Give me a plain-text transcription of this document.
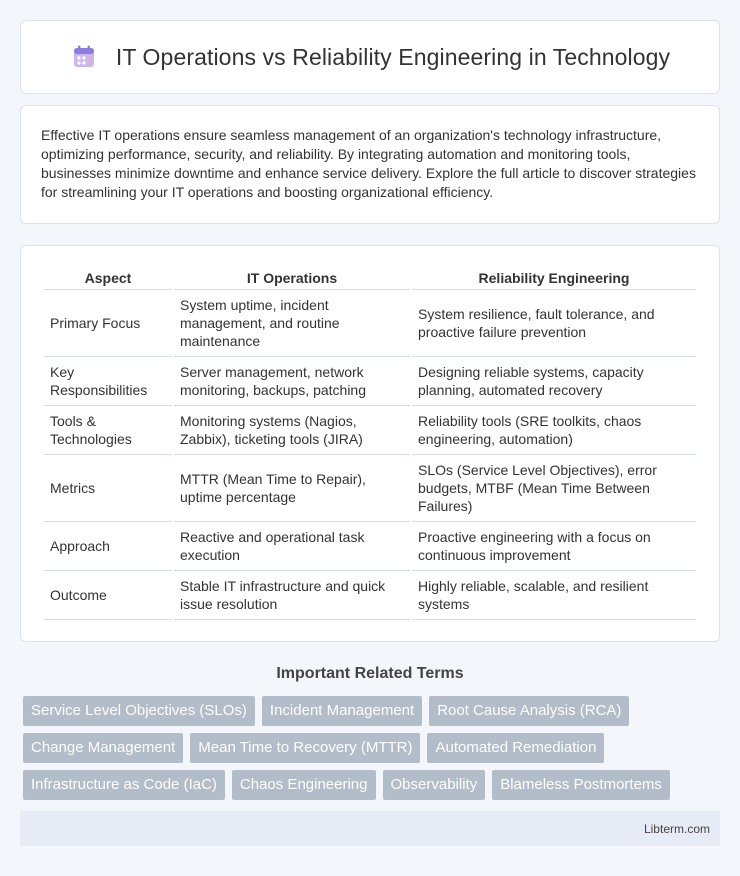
IT Operations vs Reliability Engineering in Technology

Effective IT operations ensure seamless management of an organization's technology infrastructure, optimizing performance, security, and reliability. By integrating automation and monitoring tools, businesses minimize downtime and enhance service delivery. Explore the full article to discover strategies for streamlining your IT operations and boosting organizational efficiency.

Aspect	IT Operations	Reliability Engineering
Primary Focus	System uptime, incident management, and routine maintenance	System resilience, fault tolerance, and proactive failure prevention
Key Responsibilities	Server management, network monitoring, backups, patching	Designing reliable systems, capacity planning, automated recovery
Tools & Technologies	Monitoring systems (Nagios, Zabbix), ticketing tools (JIRA)	Reliability tools (SRE toolkits, chaos engineering, automation)
Metrics	MTTR (Mean Time to Repair), uptime percentage	SLOs (Service Level Objectives), error budgets, MTBF (Mean Time Between Failures)
Approach	Reactive and operational task execution	Proactive engineering with a focus on continuous improvement
Outcome	Stable IT infrastructure and quick issue resolution	Highly reliable, scalable, and resilient systems
Important Related Terms
Service Level Objectives (SLOs)	Incident Management	Root Cause Analysis (RCA)
Change Management	Mean Time to Recovery (MTTR)	Automated Remediation
Infrastructure as Code (IaC)	Chaos Engineering	Observability	Blameless Postmortems
Libterm.com
